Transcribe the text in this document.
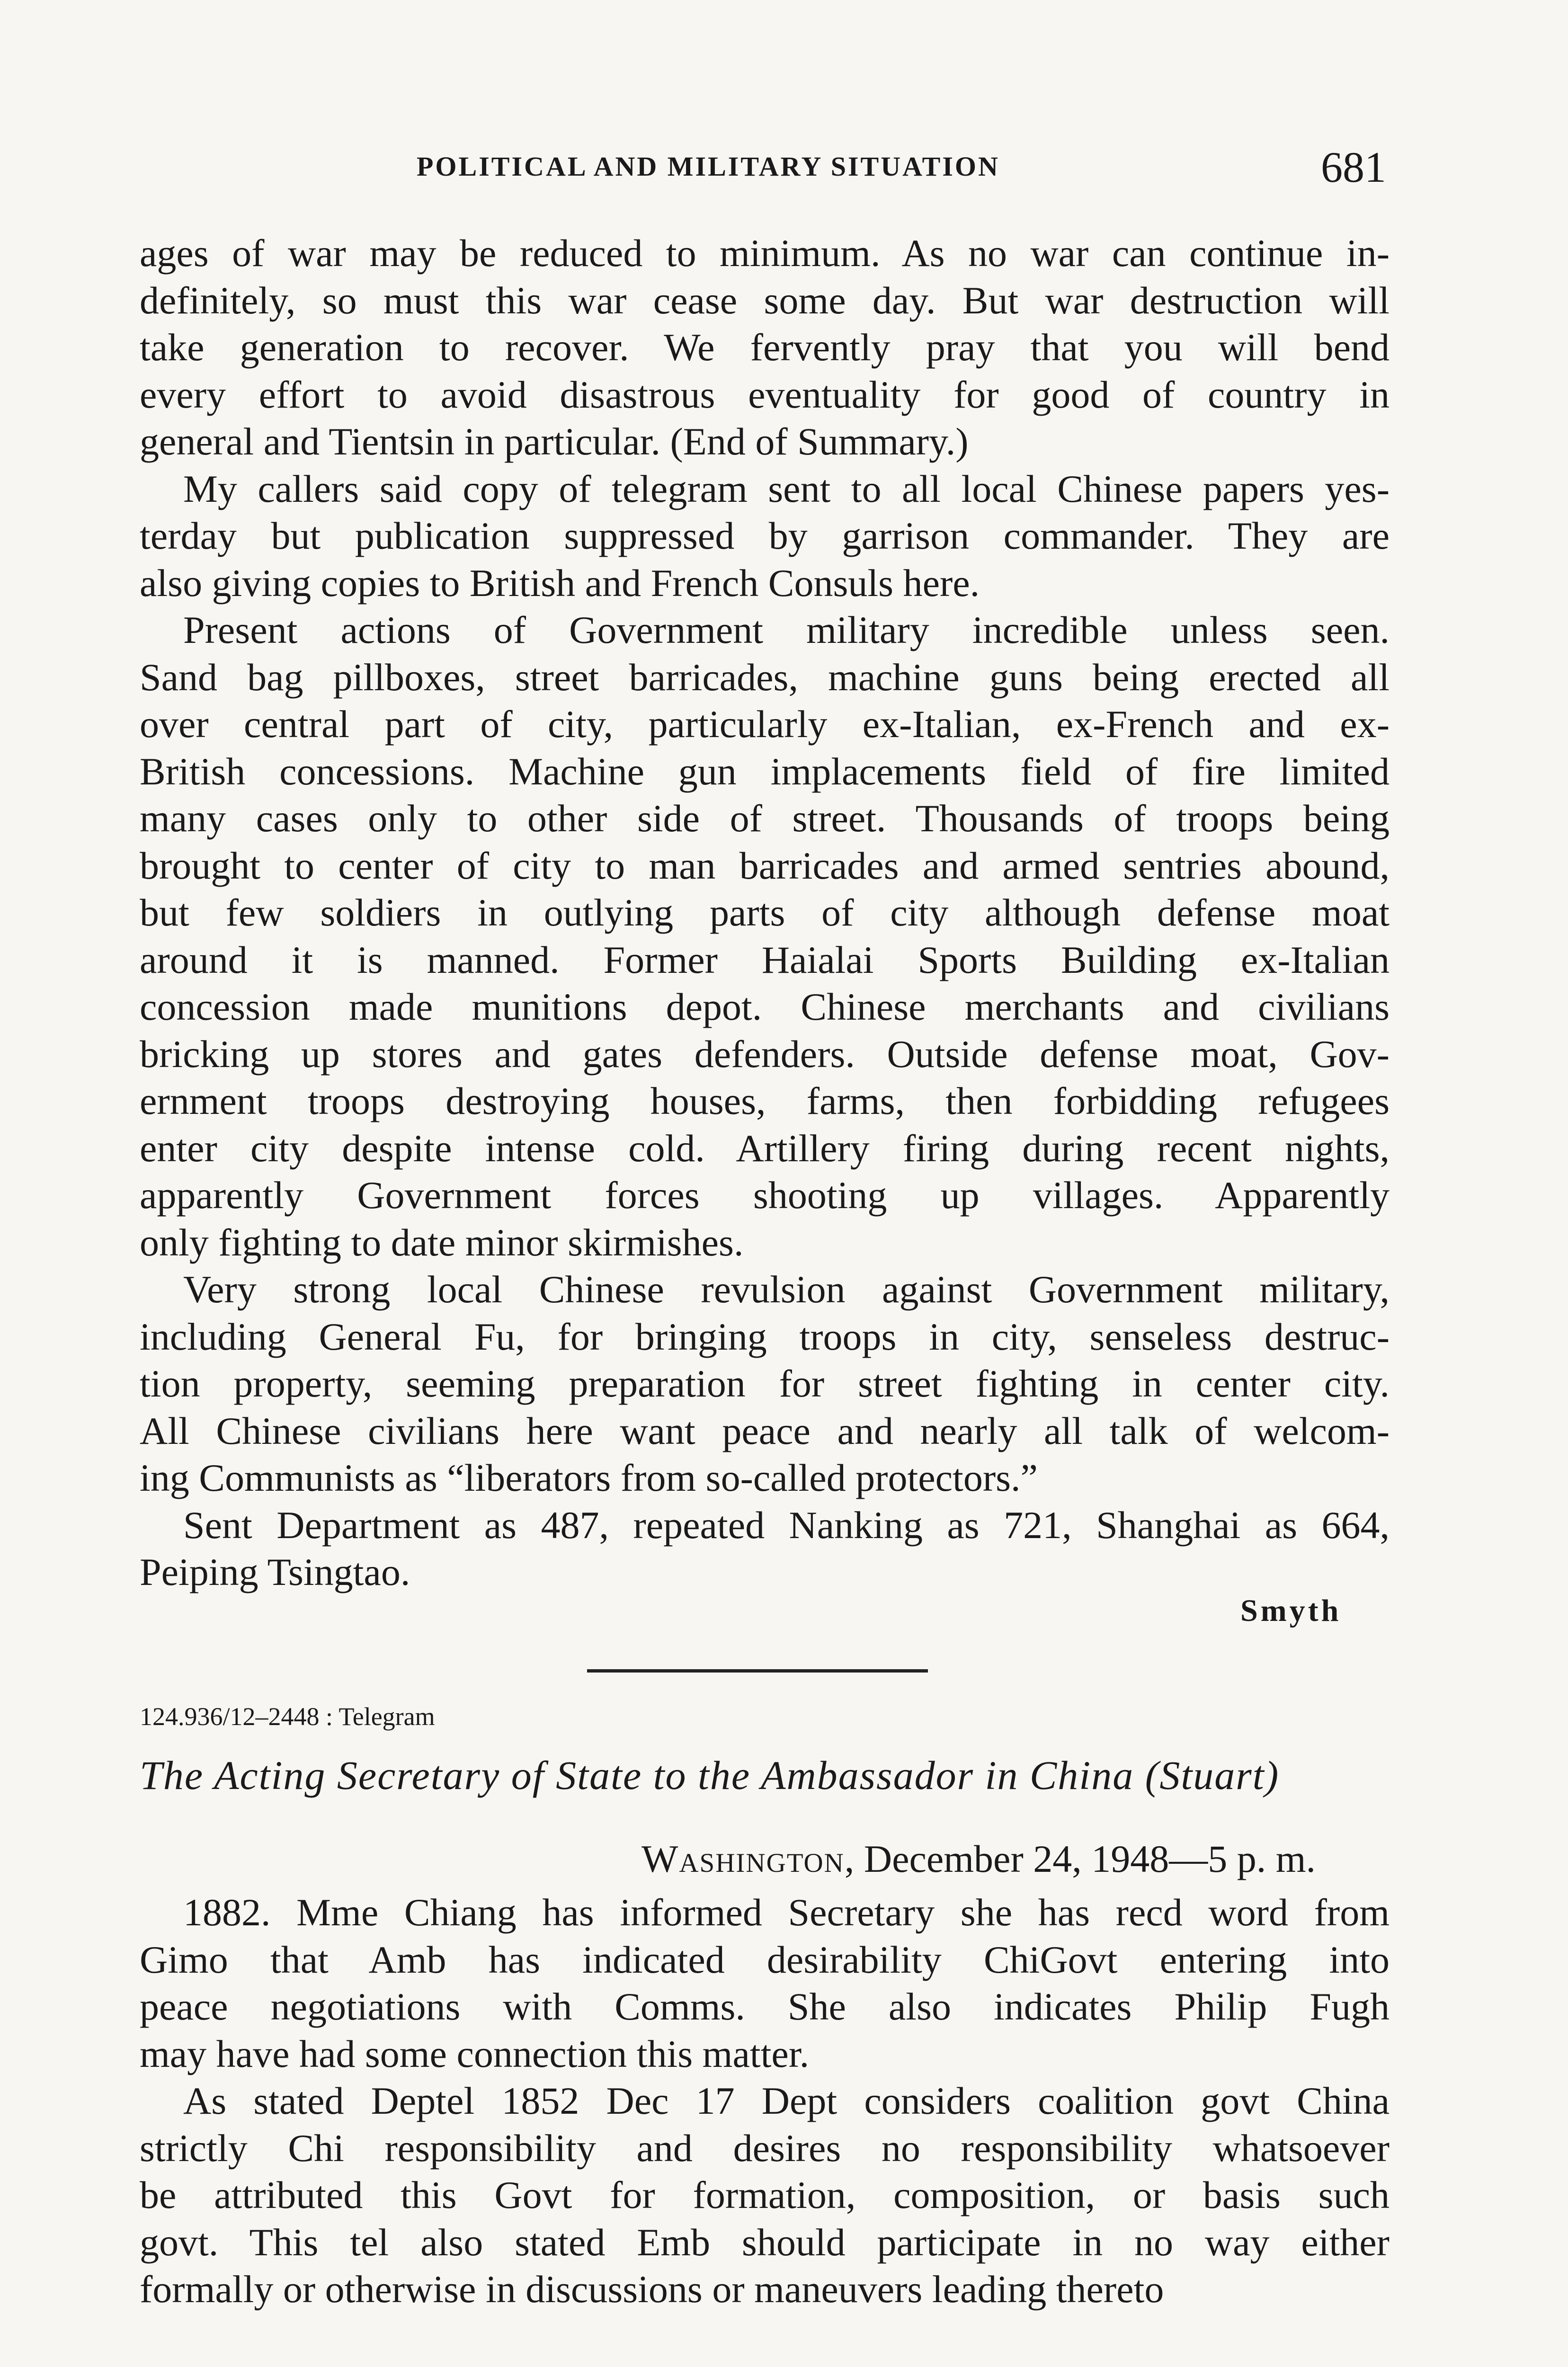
POLITICAL AND MILITARY SITUATION	681
ages of war may be reduced to minimum. As no war can continue in-
definitely, so must this war cease some day. But war destruction will
take generation to recover. We fervently pray that you will bend
every effort to avoid disastrous eventuality for good of country in
general and Tientsin in particular. (End of Summary.)
My callers said copy of telegram sent to all local Chinese papers yes-
terday but publication suppressed by garrison commander. They are
also giving copies to British and French Consuls here.
Present actions of Government military incredible unless seen.
Sand bag pillboxes, street barricades, machine guns being erected all
over central part of city, particularly ex-Italian, ex-French and ex-
British concessions. Machine gun implacements field of fire limited
many cases only to other side of street. Thousands of troops being
brought to center of city to man barricades and armed sentries abound,
but few soldiers in outlying parts of city although defense moat
around it is manned. Former Haialai Sports Building ex-Italian
concession made munitions depot. Chinese merchants and civilians
bricking up stores and gates defenders. Outside defense moat, Gov-
ernment troops destroying houses, farms, then forbidding refugees
enter city despite intense cold. Artillery firing during recent nights,
apparently Government forces shooting up villages. Apparently
only fighting to date minor skirmishes.
Very strong local Chinese revulsion against Government military,
including General Fu, for bringing troops in city, senseless destruc-
tion property, seeming preparation for street fighting in center city.
All Chinese civilians here want peace and nearly all talk of welcom-
ing Communists as “liberators from so-called protectors.”
Sent Department as 487, repeated Nanking as 721, Shanghai as 664,
Peiping Tsingtao.
Smyth
124.936/12–2448 : Telegram
The Acting Secretary of State to the Ambassador in China (Stuart)
Washington, December 24, 1948—5 p. m.
1882. Mme Chiang has informed Secretary she has recd word from
Gimo that Amb has indicated desirability ChiGovt entering into
peace negotiations with Comms. She also indicates Philip Fugh
may have had some connection this matter.
As stated Deptel 1852 Dec 17 Dept considers coalition govt China
strictly Chi responsibility and desires no responsibility whatsoever
be attributed this Govt for formation, composition, or basis such
govt. This tel also stated Emb should participate in no way either
formally or otherwise in discussions or maneuvers leading thereto
